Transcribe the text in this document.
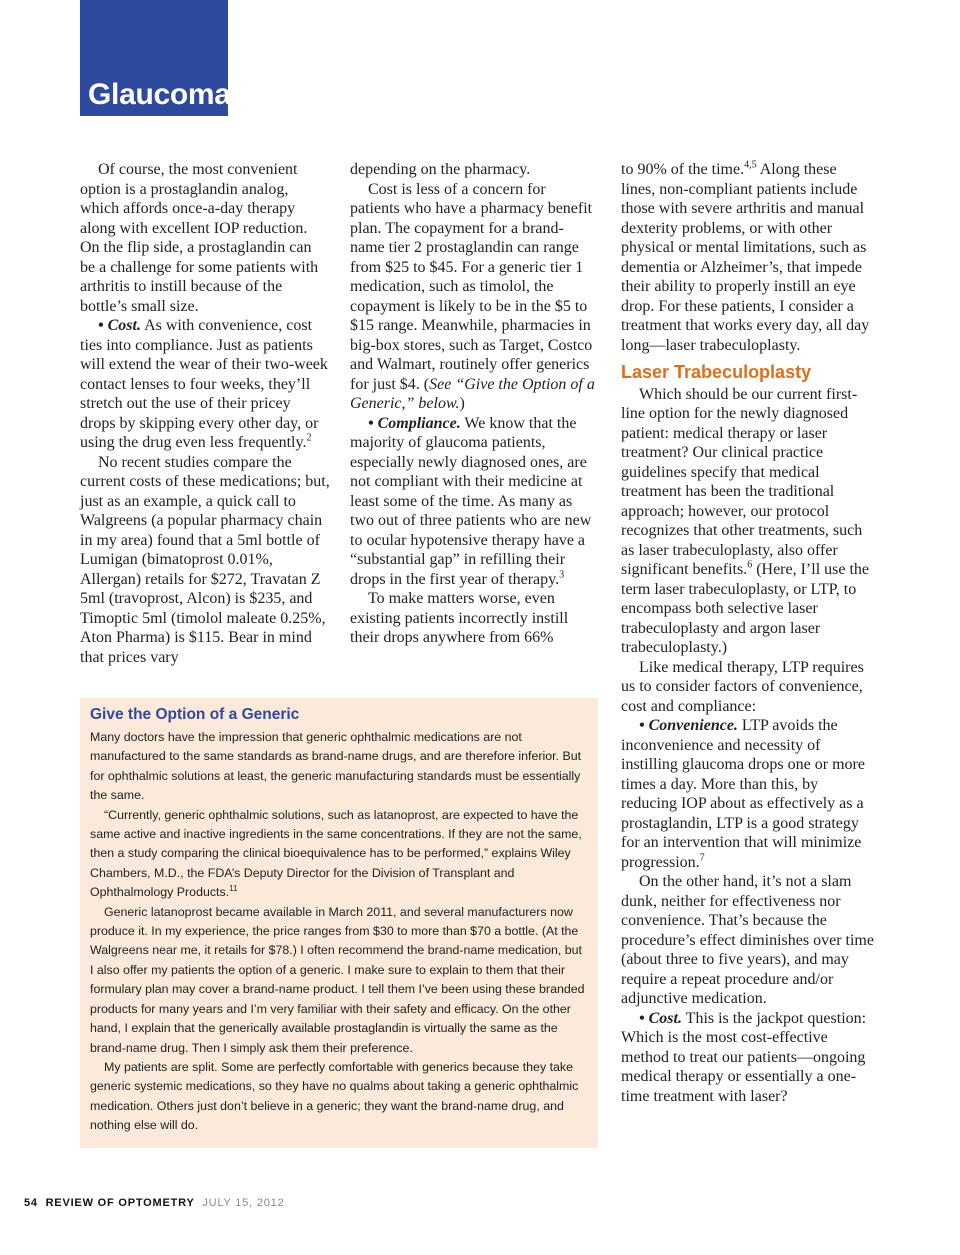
Glaucoma

Of course, the most convenient option is a prostaglandin analog, which affords once-a-day therapy along with excellent IOP reduction. On the flip side, a prostaglandin can be a challenge for some patients with arthritis to instill because of the bottle’s small size.

• Cost. As with convenience, cost ties into compliance. Just as patients will extend the wear of their two-week contact lenses to four weeks, they’ll stretch out the use of their pricey drops by skipping every other day, or using the drug even less frequently.$^2$

No recent studies compare the current costs of these medications; but, just as an example, a quick call to Walgreens (a popular pharmacy chain in my area) found that a 5ml bottle of Lumigan (bimatoprost 0.01%, Allergan) retails for $272, Travatan Z 5ml (travoprost, Alcon) is $235, and Timoptic 5ml (timolol maleate 0.25%, Aton Pharma) is $115. Bear in mind that prices vary

depending on the pharmacy.

Cost is less of a concern for patients who have a pharmacy benefit plan. The copayment for a brand-name tier 2 prostaglandin can range from $25 to $45. For a generic tier 1 medication, such as timolol, the copayment is likely to be in the $5 to $15 range. Meanwhile, pharmacies in big-box stores, such as Target, Costco and Walmart, routinely offer generics for just $4. (See “Give the Option of a Generic,” below.)

• Compliance. We know that the majority of glaucoma patients, especially newly diagnosed ones, are not compliant with their medicine at least some of the time. As many as two out of three patients who are new to ocular hypotensive therapy have a “substantial gap” in refilling their drops in the first year of therapy.$^3$

To make matters worse, even existing patients incorrectly instill their drops anywhere from 66%

to 90% of the time.$^{4,5}$ Along these lines, non-compliant patients include those with severe arthritis and manual dexterity problems, or with other physical or mental limitations, such as dementia or Alzheimer’s, that impede their ability to properly instill an eye drop. For these patients, I consider a treatment that works every day, all day long—laser trabeculoplasty.

Laser Trabeculoplasty

Which should be our current first-line option for the newly diagnosed patient: medical therapy or laser treatment? Our clinical practice guidelines specify that medical treatment has been the traditional approach; however, our protocol recognizes that other treatments, such as laser trabeculoplasty, also offer significant benefits.$^6$ (Here, I’ll use the term laser trabeculoplasty, or LTP, to encompass both selective laser trabeculoplasty and argon laser trabeculoplasty.)

Like medical therapy, LTP requires us to consider factors of convenience, cost and compliance:

• Convenience. LTP avoids the inconvenience and necessity of instilling glaucoma drops one or more times a day. More than this, by reducing IOP about as effectively as a prostaglandin, LTP is a good strategy for an intervention that will minimize progression.$^7$

On the other hand, it’s not a slam dunk, neither for effectiveness nor convenience. That’s because the procedure’s effect diminishes over time (about three to five years), and may require a repeat procedure and/or adjunctive medication.

• Cost. This is the jackpot question: Which is the most cost-effective method to treat our patients—ongoing medical therapy or essentially a one-time treatment with laser?

Give the Option of a Generic

Many doctors have the impression that generic ophthalmic medications are not manufactured to the same standards as brand-name drugs, and are therefore inferior. But for ophthalmic solutions at least, the generic manufacturing standards must be essentially the same.

“Currently, generic ophthalmic solutions, such as latanoprost, are expected to have the same active and inactive ingredients in the same concentrations. If they are not the same, then a study comparing the clinical bioequivalence has to be performed,” explains Wiley Chambers, M.D., the FDA’s Deputy Director for the Division of Transplant and Ophthalmology Products.$^{11}$

Generic latanoprost became available in March 2011, and several manufacturers now produce it. In my experience, the price ranges from $30 to more than $70 a bottle. (At the Walgreens near me, it retails for $78.) I often recommend the brand-name medication, but I also offer my patients the option of a generic. I make sure to explain to them that their formulary plan may cover a brand-name product. I tell them I’ve been using these branded products for many years and I’m very familiar with their safety and efficacy. On the other hand, I explain that the generically available prostaglandin is virtually the same as the brand-name drug. Then I simply ask them their preference.

My patients are split. Some are perfectly comfortable with generics because they take generic systemic medications, so they have no qualms about taking a generic ophthalmic medication. Others just don’t believe in a generic; they want the brand-name drug, and nothing else will do.

54 REVIEW OF OPTOMETRY JULY 15, 2012
